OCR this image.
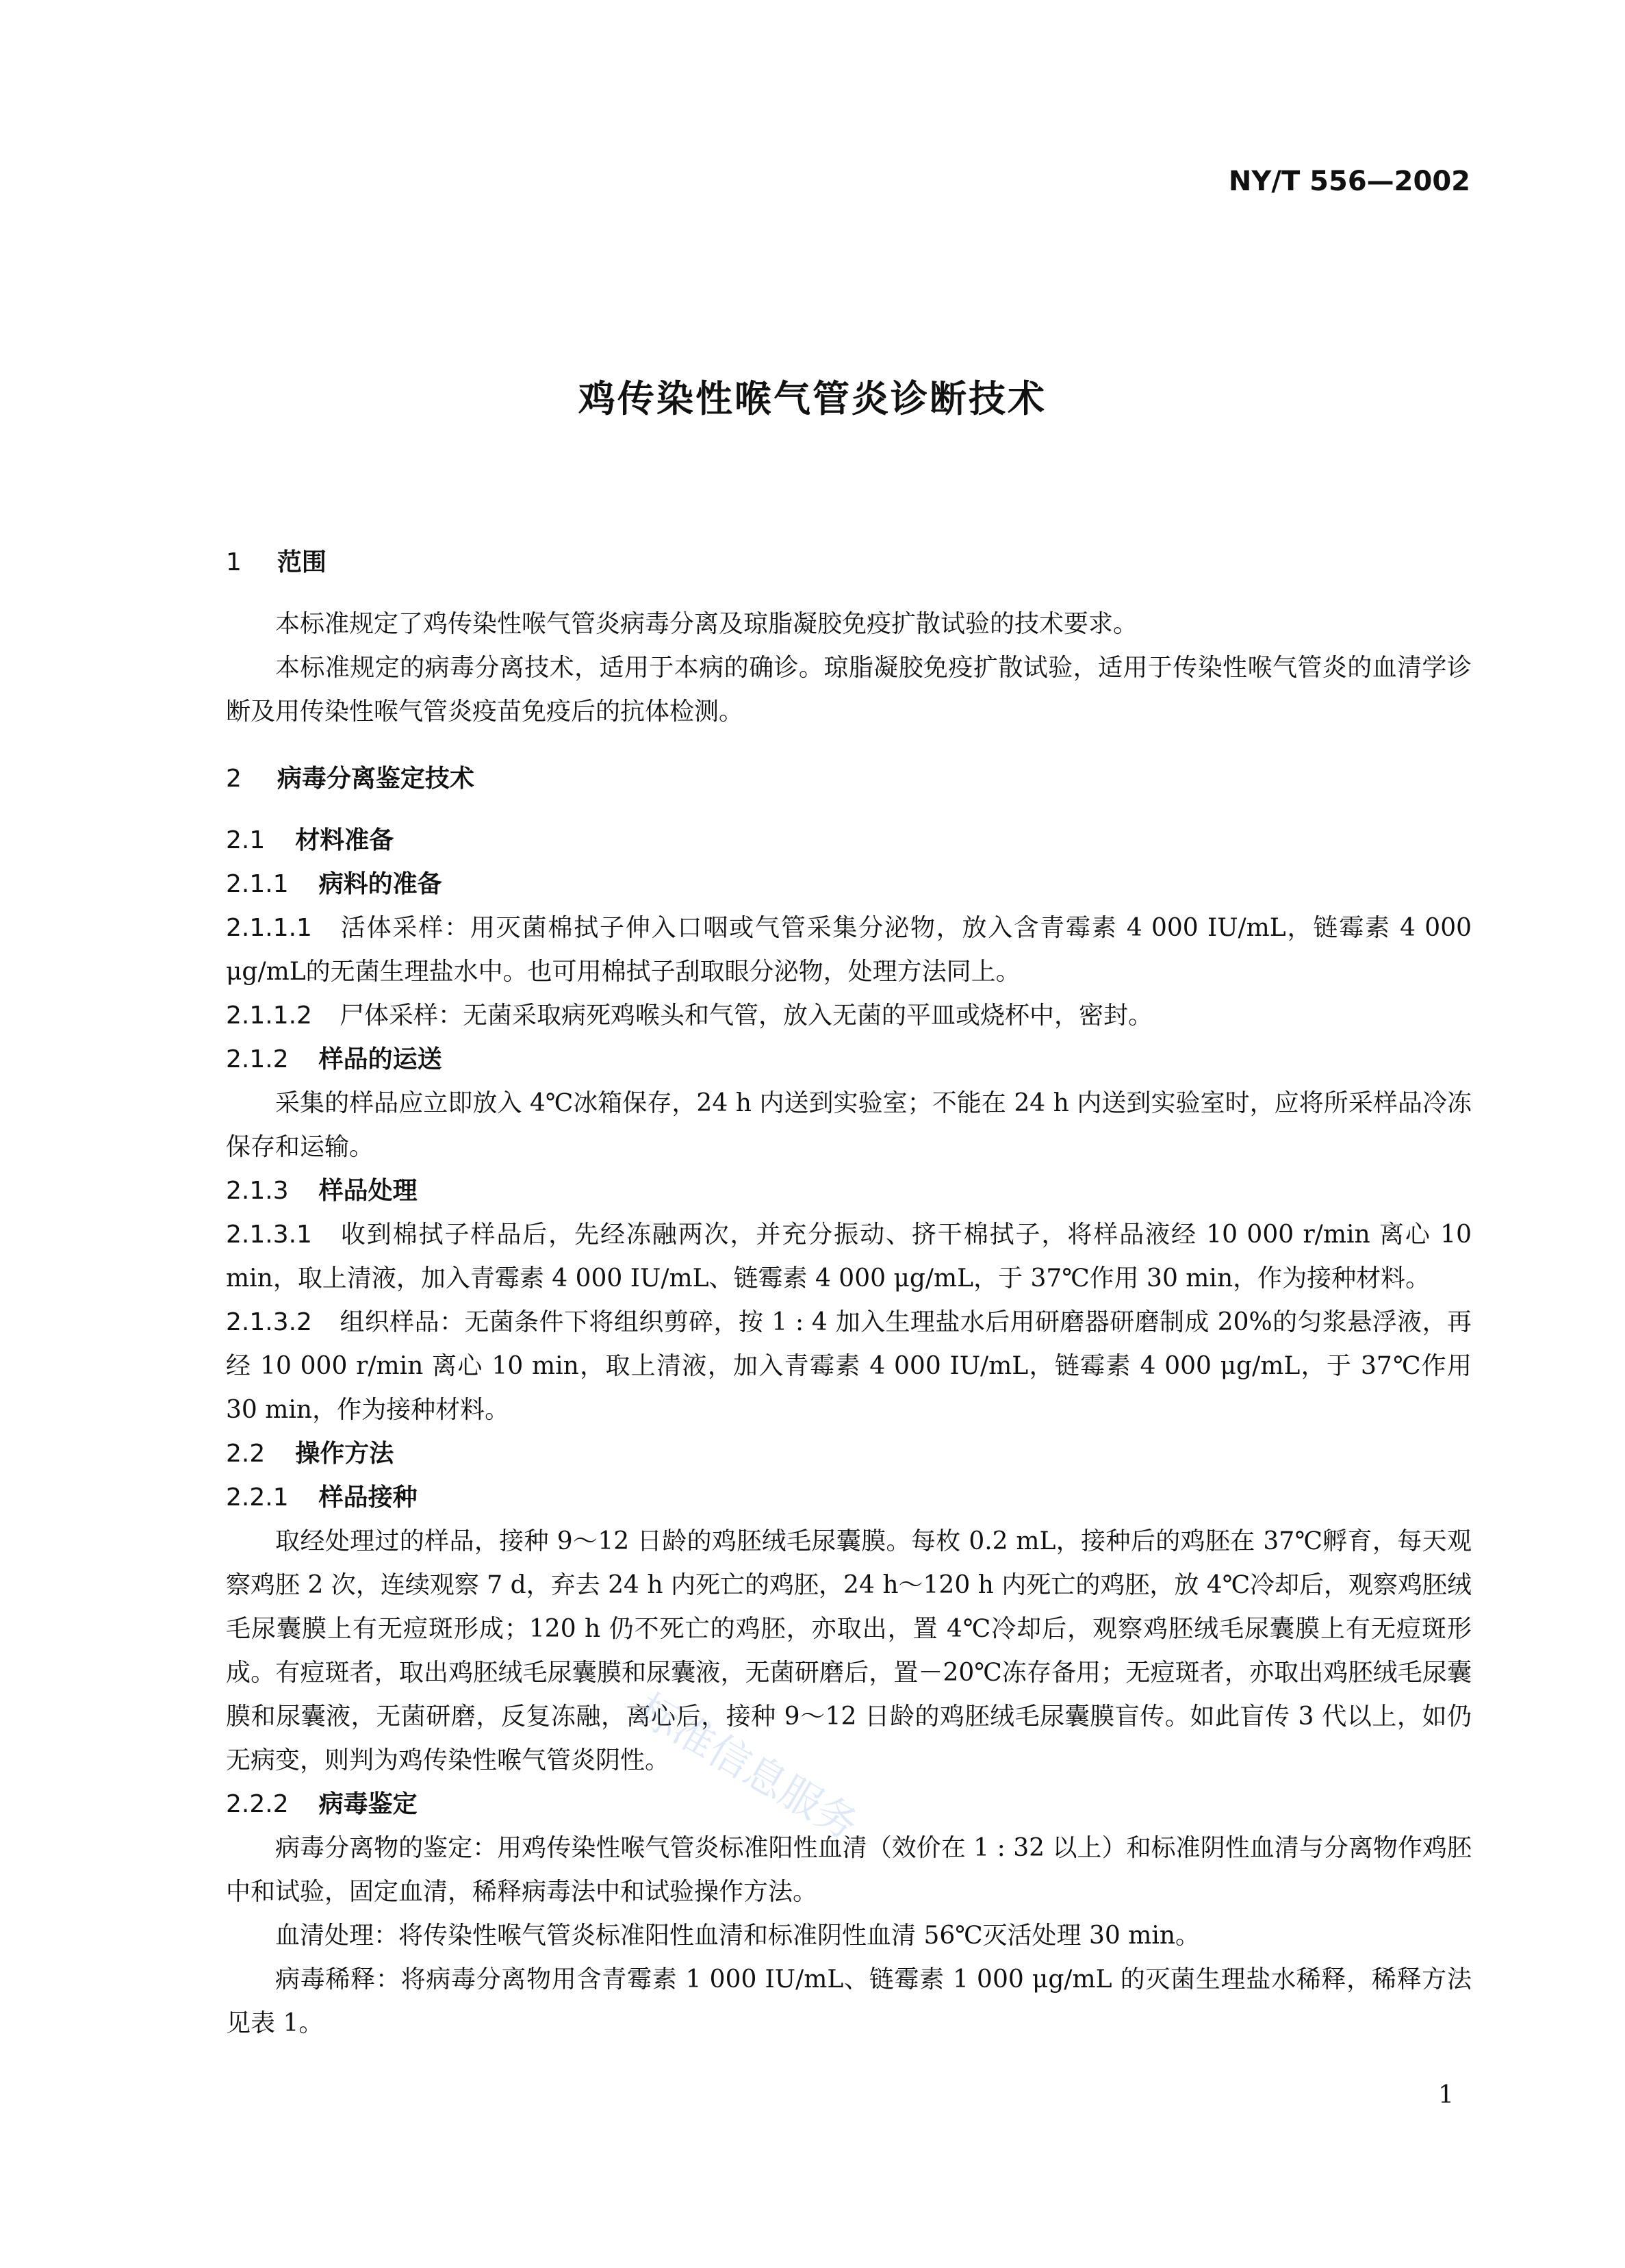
NY/T 556—2002
鸡传染性喉气管炎诊断技术

1 范围

本标准规定了鸡传染性喉气管炎病毒分离及琼脂凝胶免疫扩散试验的技术要求。

本标准规定的病毒分离技术，适用于本病的确诊。琼脂凝胶免疫扩散试验，适用于传染性喉气管炎的血清学诊断及用传染性喉气管炎疫苗免疫后的抗体检测。

2 病毒分离鉴定技术

2.1 材料准备

2.1.1 病料的准备

2.1.1.1 活体采样：用灭菌棉拭子伸入口咽或气管采集分泌物，放入含青霉素 4 000 IU/mL，链霉素 4 000 μg/mL的无菌生理盐水中。也可用棉拭子刮取眼分泌物，处理方法同上。

2.1.1.2 尸体采样：无菌采取病死鸡喉头和气管，放入无菌的平皿或烧杯中，密封。

2.1.2 样品的运送

采集的样品应立即放入 4℃冰箱保存，24 h 内送到实验室；不能在 24 h 内送到实验室时，应将所采样品冷冻保存和运输。

2.1.3 样品处理

2.1.3.1 收到棉拭子样品后，先经冻融两次，并充分振动、挤干棉拭子，将样品液经 10 000 r/min 离心 10 min，取上清液，加入青霉素 4 000 IU/mL、链霉素 4 000 μg/mL，于 37℃作用 30 min，作为接种材料。

2.1.3.2 组织样品：无菌条件下将组织剪碎，按 1 : 4 加入生理盐水后用研磨器研磨制成 20%的匀浆悬浮液，再经 10 000 r/min 离心 10 min，取上清液，加入青霉素 4 000 IU/mL，链霉素 4 000 μg/mL，于 37℃作用 30 min，作为接种材料。

2.2 操作方法

2.2.1 样品接种

取经处理过的样品，接种 9～12 日龄的鸡胚绒毛尿囊膜。每枚 0.2 mL，接种后的鸡胚在 37℃孵育，每天观察鸡胚 2 次，连续观察 7 d，弃去 24 h 内死亡的鸡胚，24 h～120 h 内死亡的鸡胚，放 4℃冷却后，观察鸡胚绒毛尿囊膜上有无痘斑形成；120 h 仍不死亡的鸡胚，亦取出，置 4℃冷却后，观察鸡胚绒毛尿囊膜上有无痘斑形成。有痘斑者，取出鸡胚绒毛尿囊膜和尿囊液，无菌研磨后，置－20℃冻存备用；无痘斑者，亦取出鸡胚绒毛尿囊膜和尿囊液，无菌研磨，反复冻融，离心后，接种 9～12 日龄的鸡胚绒毛尿囊膜盲传。如此盲传 3 代以上，如仍无病变，则判为鸡传染性喉气管炎阴性。

2.2.2 病毒鉴定

病毒分离物的鉴定：用鸡传染性喉气管炎标准阳性血清（效价在 1 : 32 以上）和标准阴性血清与分离物作鸡胚中和试验，固定血清，稀释病毒法中和试验操作方法。

血清处理：将传染性喉气管炎标准阳性血清和标准阴性血清 56℃灭活处理 30 min。

病毒稀释：将病毒分离物用含青霉素 1 000 IU/mL、链霉素 1 000 μg/mL 的灭菌生理盐水稀释，稀释方法见表 1。

标准信息服务
1
